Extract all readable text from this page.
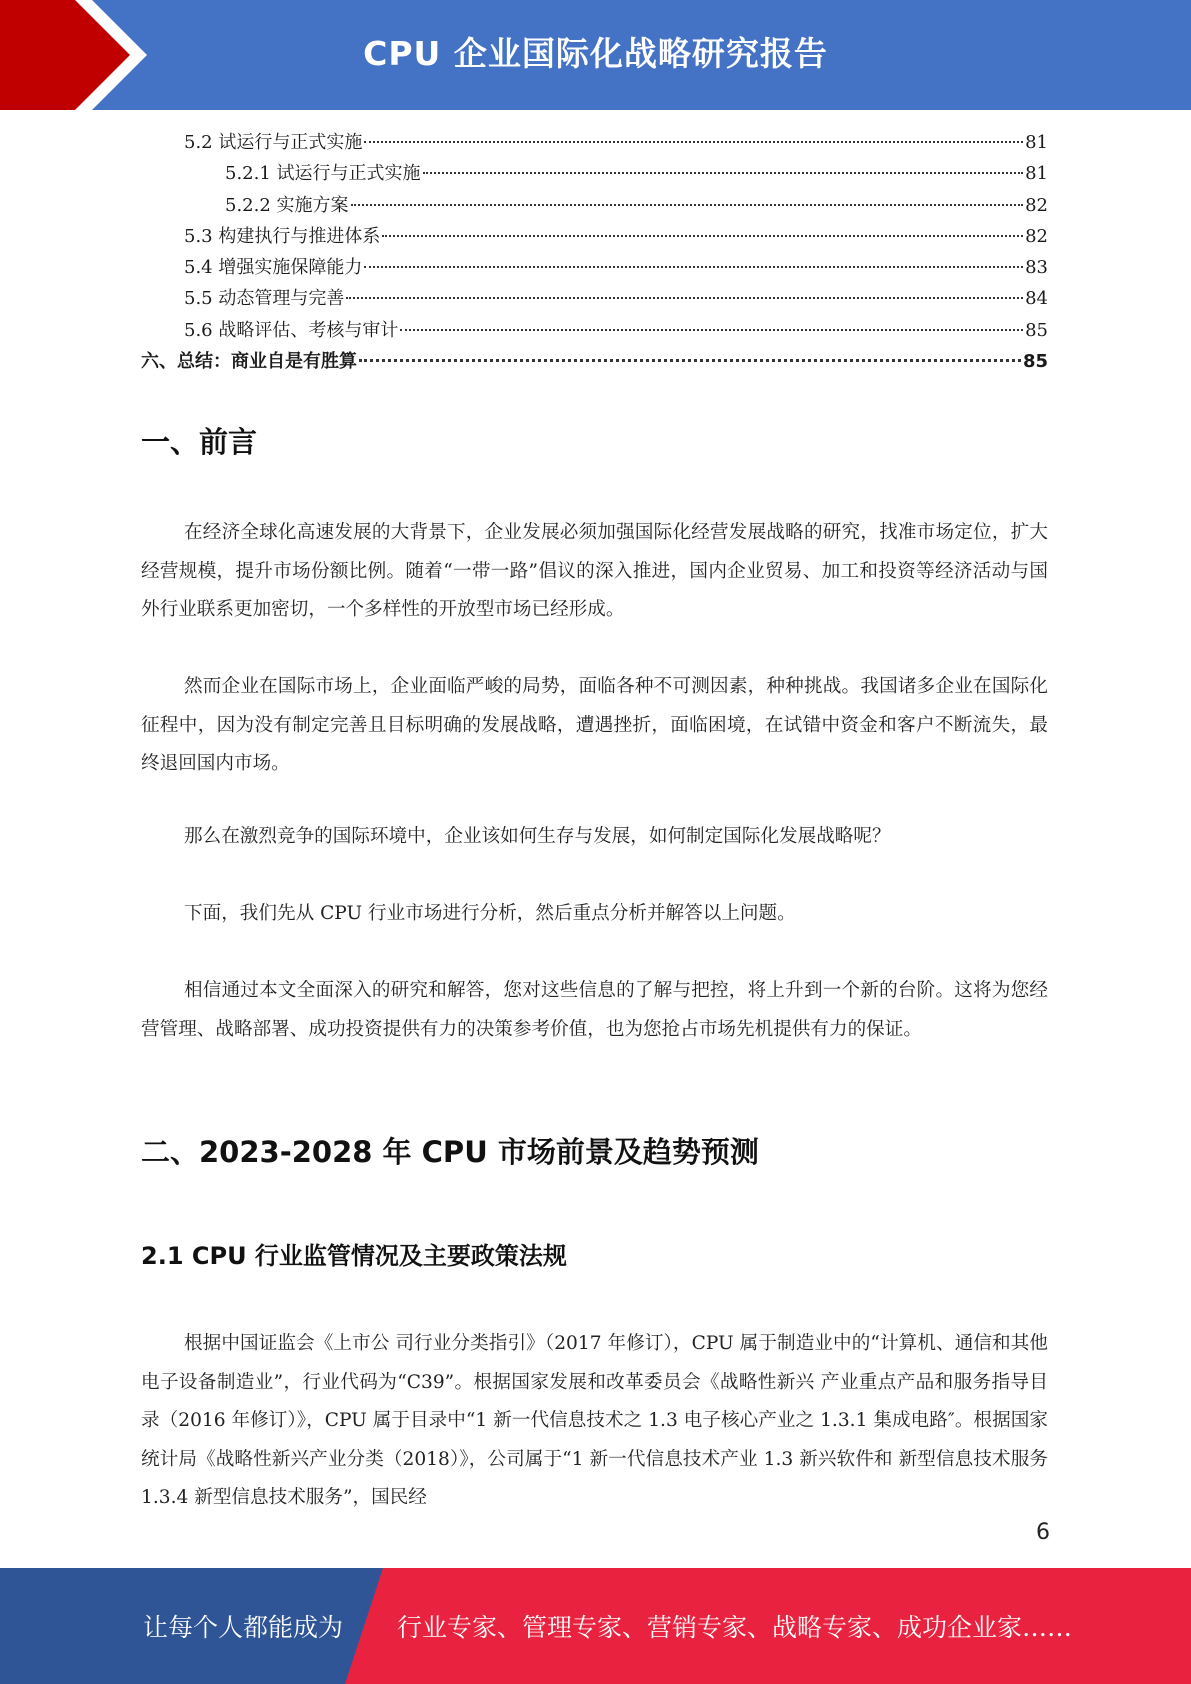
CPU 企业国际化战略研究报告
5.2 试运行与正式实施	81
5.2.1 试运行与正式实施	81
5.2.2 实施方案	82
5.3 构建执行与推进体系	82
5.4 增强实施保障能力	83
5.5 动态管理与完善	84
5.6 战略评估、考核与审计	85
六、总结：商业自是有胜算	85
一、前言
在经济全球化高速发展的大背景下，企业发展必须加强国际化经营发展战略的研究，找准市场定位，扩大经营规模，提升市场份额比例。随着“一带一路”倡议的深入推进，国内企业贸易、加工和投资等经济活动与国外行业联系更加密切，一个多样性的开放型市场已经形成。
然而企业在国际市场上，企业面临严峻的局势，面临各种不可测因素，种种挑战。我国诸多企业在国际化征程中，因为没有制定完善且目标明确的发展战略，遭遇挫折，面临困境，在试错中资金和客户不断流失，最终退回国内市场。
那么在激烈竞争的国际环境中，企业该如何生存与发展，如何制定国际化发展战略呢？
下面，我们先从 CPU 行业市场进行分析，然后重点分析并解答以上问题。
相信通过本文全面深入的研究和解答，您对这些信息的了解与把控，将上升到一个新的台阶。这将为您经营管理、战略部署、成功投资提供有力的决策参考价值，也为您抢占市场先机提供有力的保证。
二、2023-2028 年 CPU 市场前景及趋势预测
2.1 CPU 行业监管情况及主要政策法规
根据中国证监会《上市公 司行业分类指引》（2017 年修订），CPU 属于制造业中的“计算机、通信和其他 电子设备制造业”，行业代码为“C39”。根据国家发展和改革委员会《战略性新兴 产业重点产品和服务指导目录（2016 年修订）》，CPU 属于目录中“1 新一代信息技术之 1.3 电子核心产业之 1.3.1 集成电路″。根据国家统计局《战略性新兴产业分类（2018）》，公司属于“1 新一代信息技术产业 1.3 新兴软件和 新型信息技术服务 1.3.4 新型信息技术服务”，国民经
6
让每个人都能成为 行业专家、管理专家、营销专家、战略专家、成功企业家……
